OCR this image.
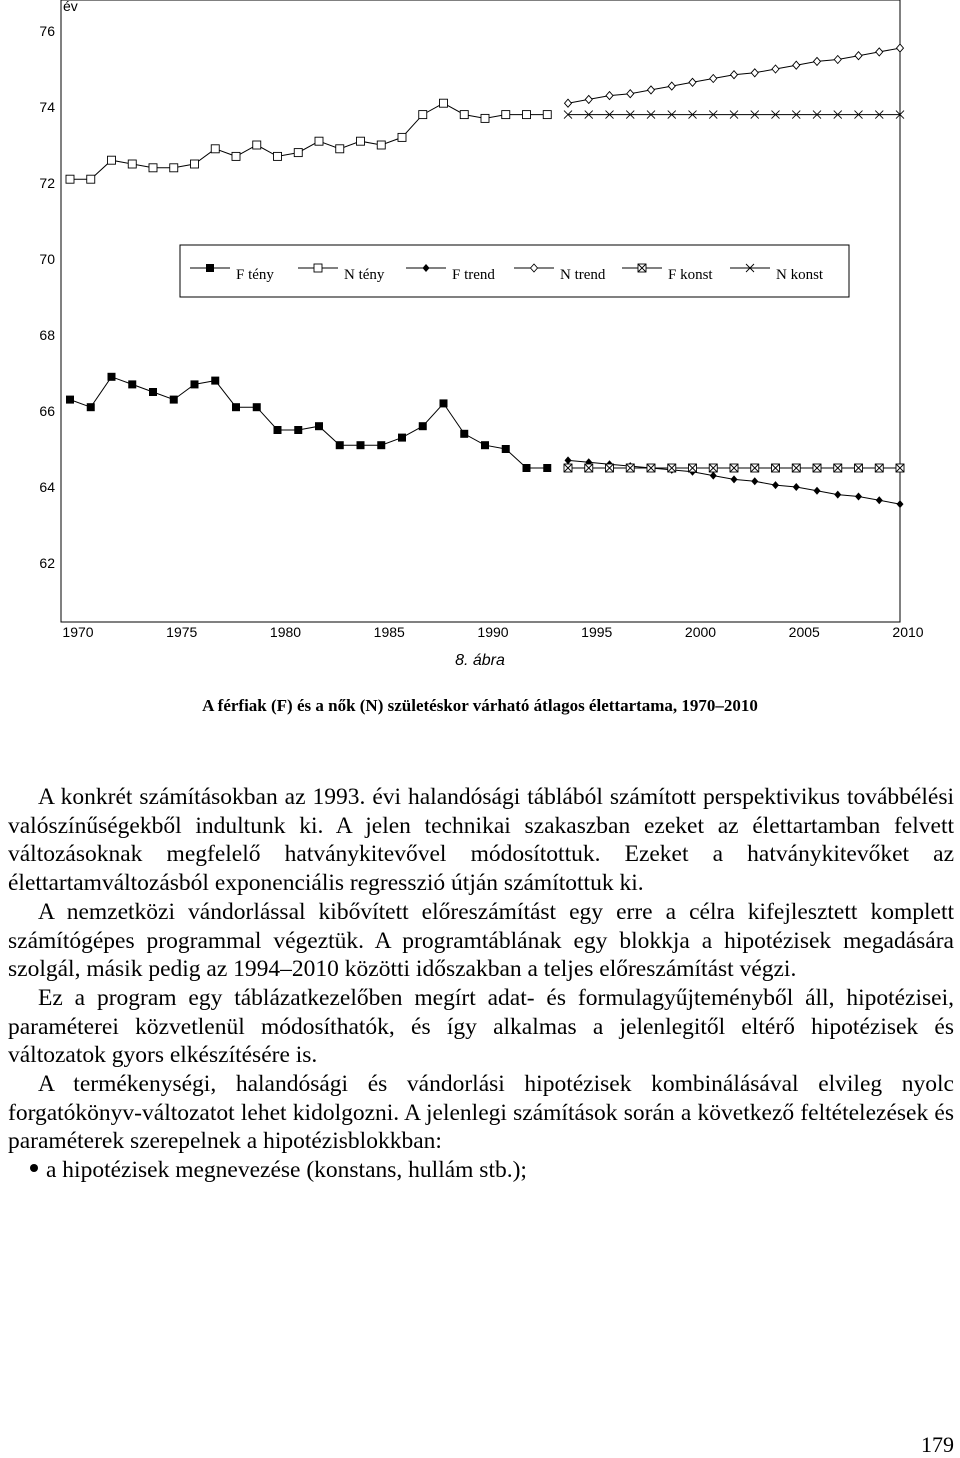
év
62
64
66
68
70
72
74
76
1970	1975	1980	1985	1990	1995	2000	2005	2010
F tény	N tény	F trend	N trend	F konst	N konst
8. ábra
A férfiak (F) és a nők (N) születéskor várható átlagos élettartama, 1970–2010

A konkrét számításokban az 1993. évi halandósági táblából számított perspektivikus továbbélési valószínűségekből indultunk ki. A jelen technikai szakaszban ezeket az élettartamban felvett változásoknak megfelelő hatványkitevővel módosítottuk. Ezeket a hatványkitevőket az élettartamváltozásból exponenciális regresszió útján számítottuk ki.

A nemzetközi vándorlással kibővített előreszámítást egy erre a célra kifejlesztett komplett számítógépes programmal végeztük. A programtáblának egy blokkja a hipotézisek megadására szolgál, másik pedig az 1994–2010 közötti időszakban a teljes előreszámítást végzi.

Ez a program egy táblázatkezelőben megírt adat- és formulagyűjteményből áll, hipotézisei, paraméterei közvetlenül módosíthatók, és így alkalmas a jelenlegitől eltérő hipotézisek és változatok gyors elkészítésére is.

A termékenységi, halandósági és vándorlási hipotézisek kombinálásával elvileg nyolc forgatókönyv-változatot lehet kidolgozni. A jelenlegi számítások során a következő feltételezések és paraméterek szerepelnek a hipotézisblokkban:

a hipotézisek megnevezése (konstans, hullám stb.);
179
